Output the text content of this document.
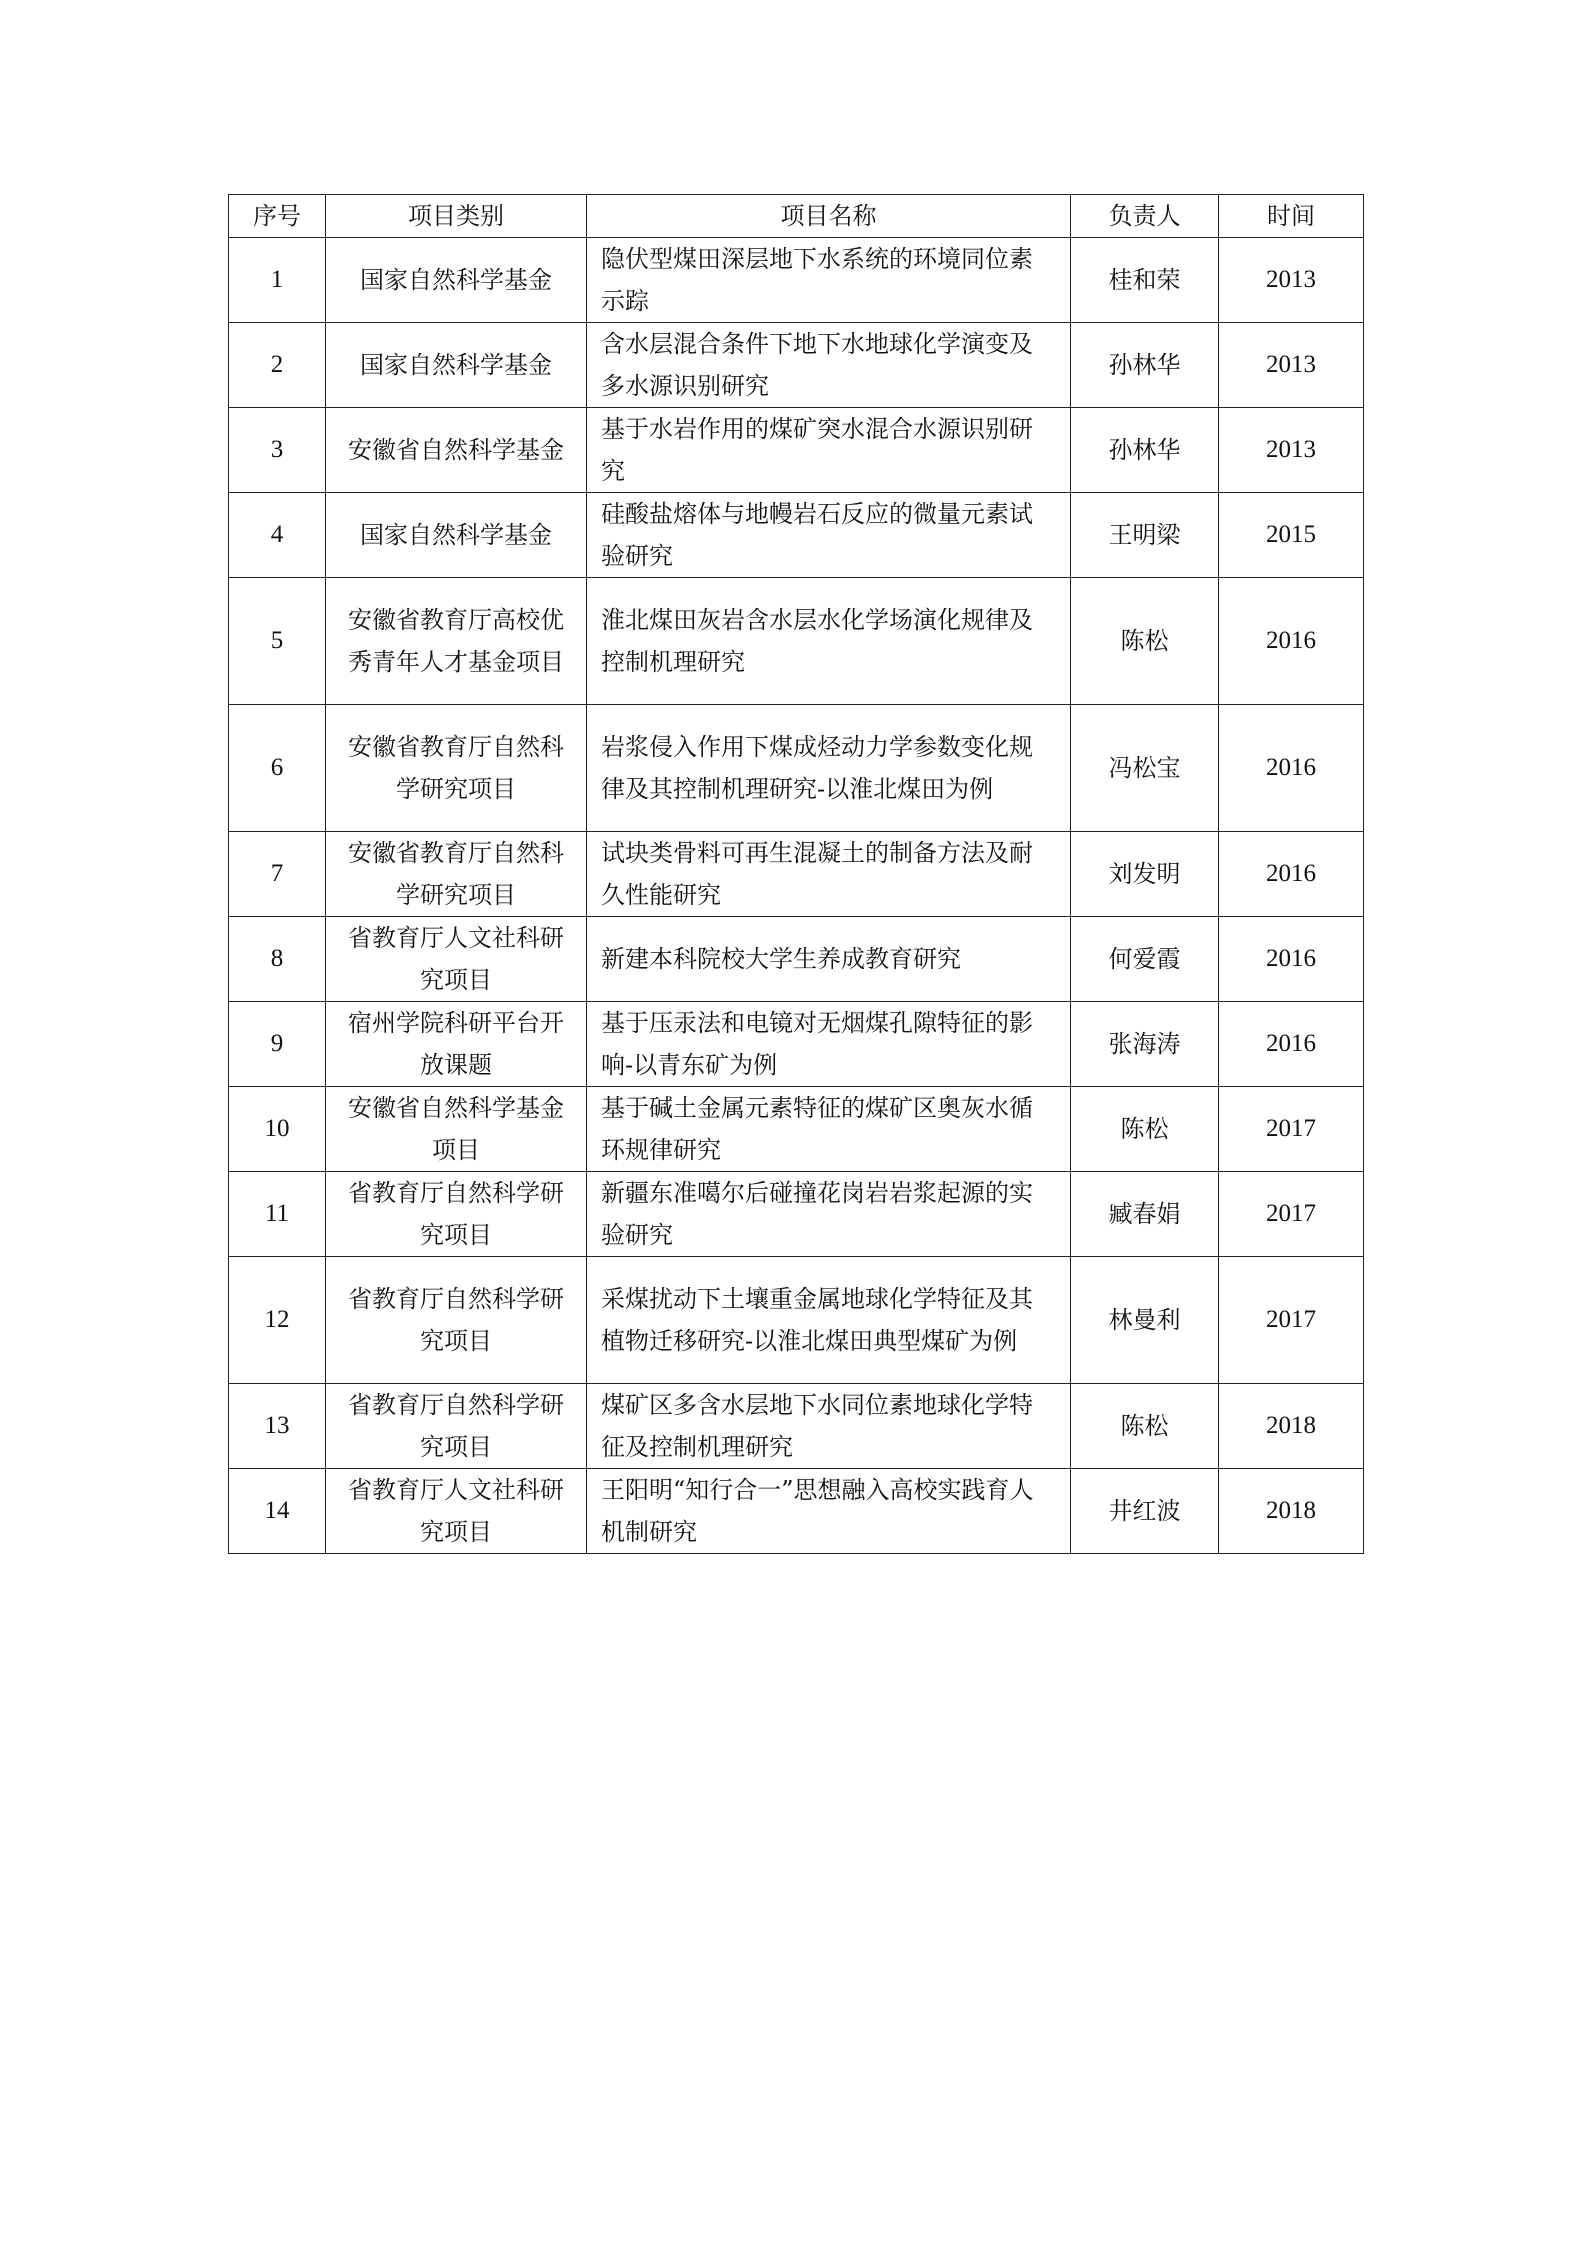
序号	项目类别	项目名称	负责人	时间
1	国家自然科学基金	隐伏型煤田深层地下水系统的环境同位素示踪	桂和荣	2013
2	国家自然科学基金	含水层混合条件下地下水地球化学演变及多水源识别研究	孙林华	2013
3	安徽省自然科学基金	基于水岩作用的煤矿突水混合水源识别研究	孙林华	2013
4	国家自然科学基金	硅酸盐熔体与地幔岩石反应的微量元素试验研究	王明梁	2015
5	安徽省教育厅高校优秀青年人才基金项目	淮北煤田灰岩含水层水化学场演化规律及控制机理研究	陈松	2016
6	安徽省教育厅自然科学研究项目	岩浆侵入作用下煤成烃动力学参数变化规律及其控制机理研究-以淮北煤田为例	冯松宝	2016
7	安徽省教育厅自然科学研究项目	试块类骨料可再生混凝土的制备方法及耐久性能研究	刘发明	2016
8	省教育厅人文社科研究项目	新建本科院校大学生养成教育研究	何爱霞	2016
9	宿州学院科研平台开放课题	基于压汞法和电镜对无烟煤孔隙特征的影响-以青东矿为例	张海涛	2016
10	安徽省自然科学基金项目	基于碱土金属元素特征的煤矿区奥灰水循环规律研究	陈松	2017
11	省教育厅自然科学研究项目	新疆东准噶尔后碰撞花岗岩岩浆起源的实验研究	臧春娟	2017
12	省教育厅自然科学研究项目	采煤扰动下土壤重金属地球化学特征及其植物迁移研究-以淮北煤田典型煤矿为例	林曼利	2017
13	省教育厅自然科学研究项目	煤矿区多含水层地下水同位素地球化学特征及控制机理研究	陈松	2018
14	省教育厅人文社科研究项目	王阳明“知行合一”思想融入高校实践育人机制研究	井红波	2018
